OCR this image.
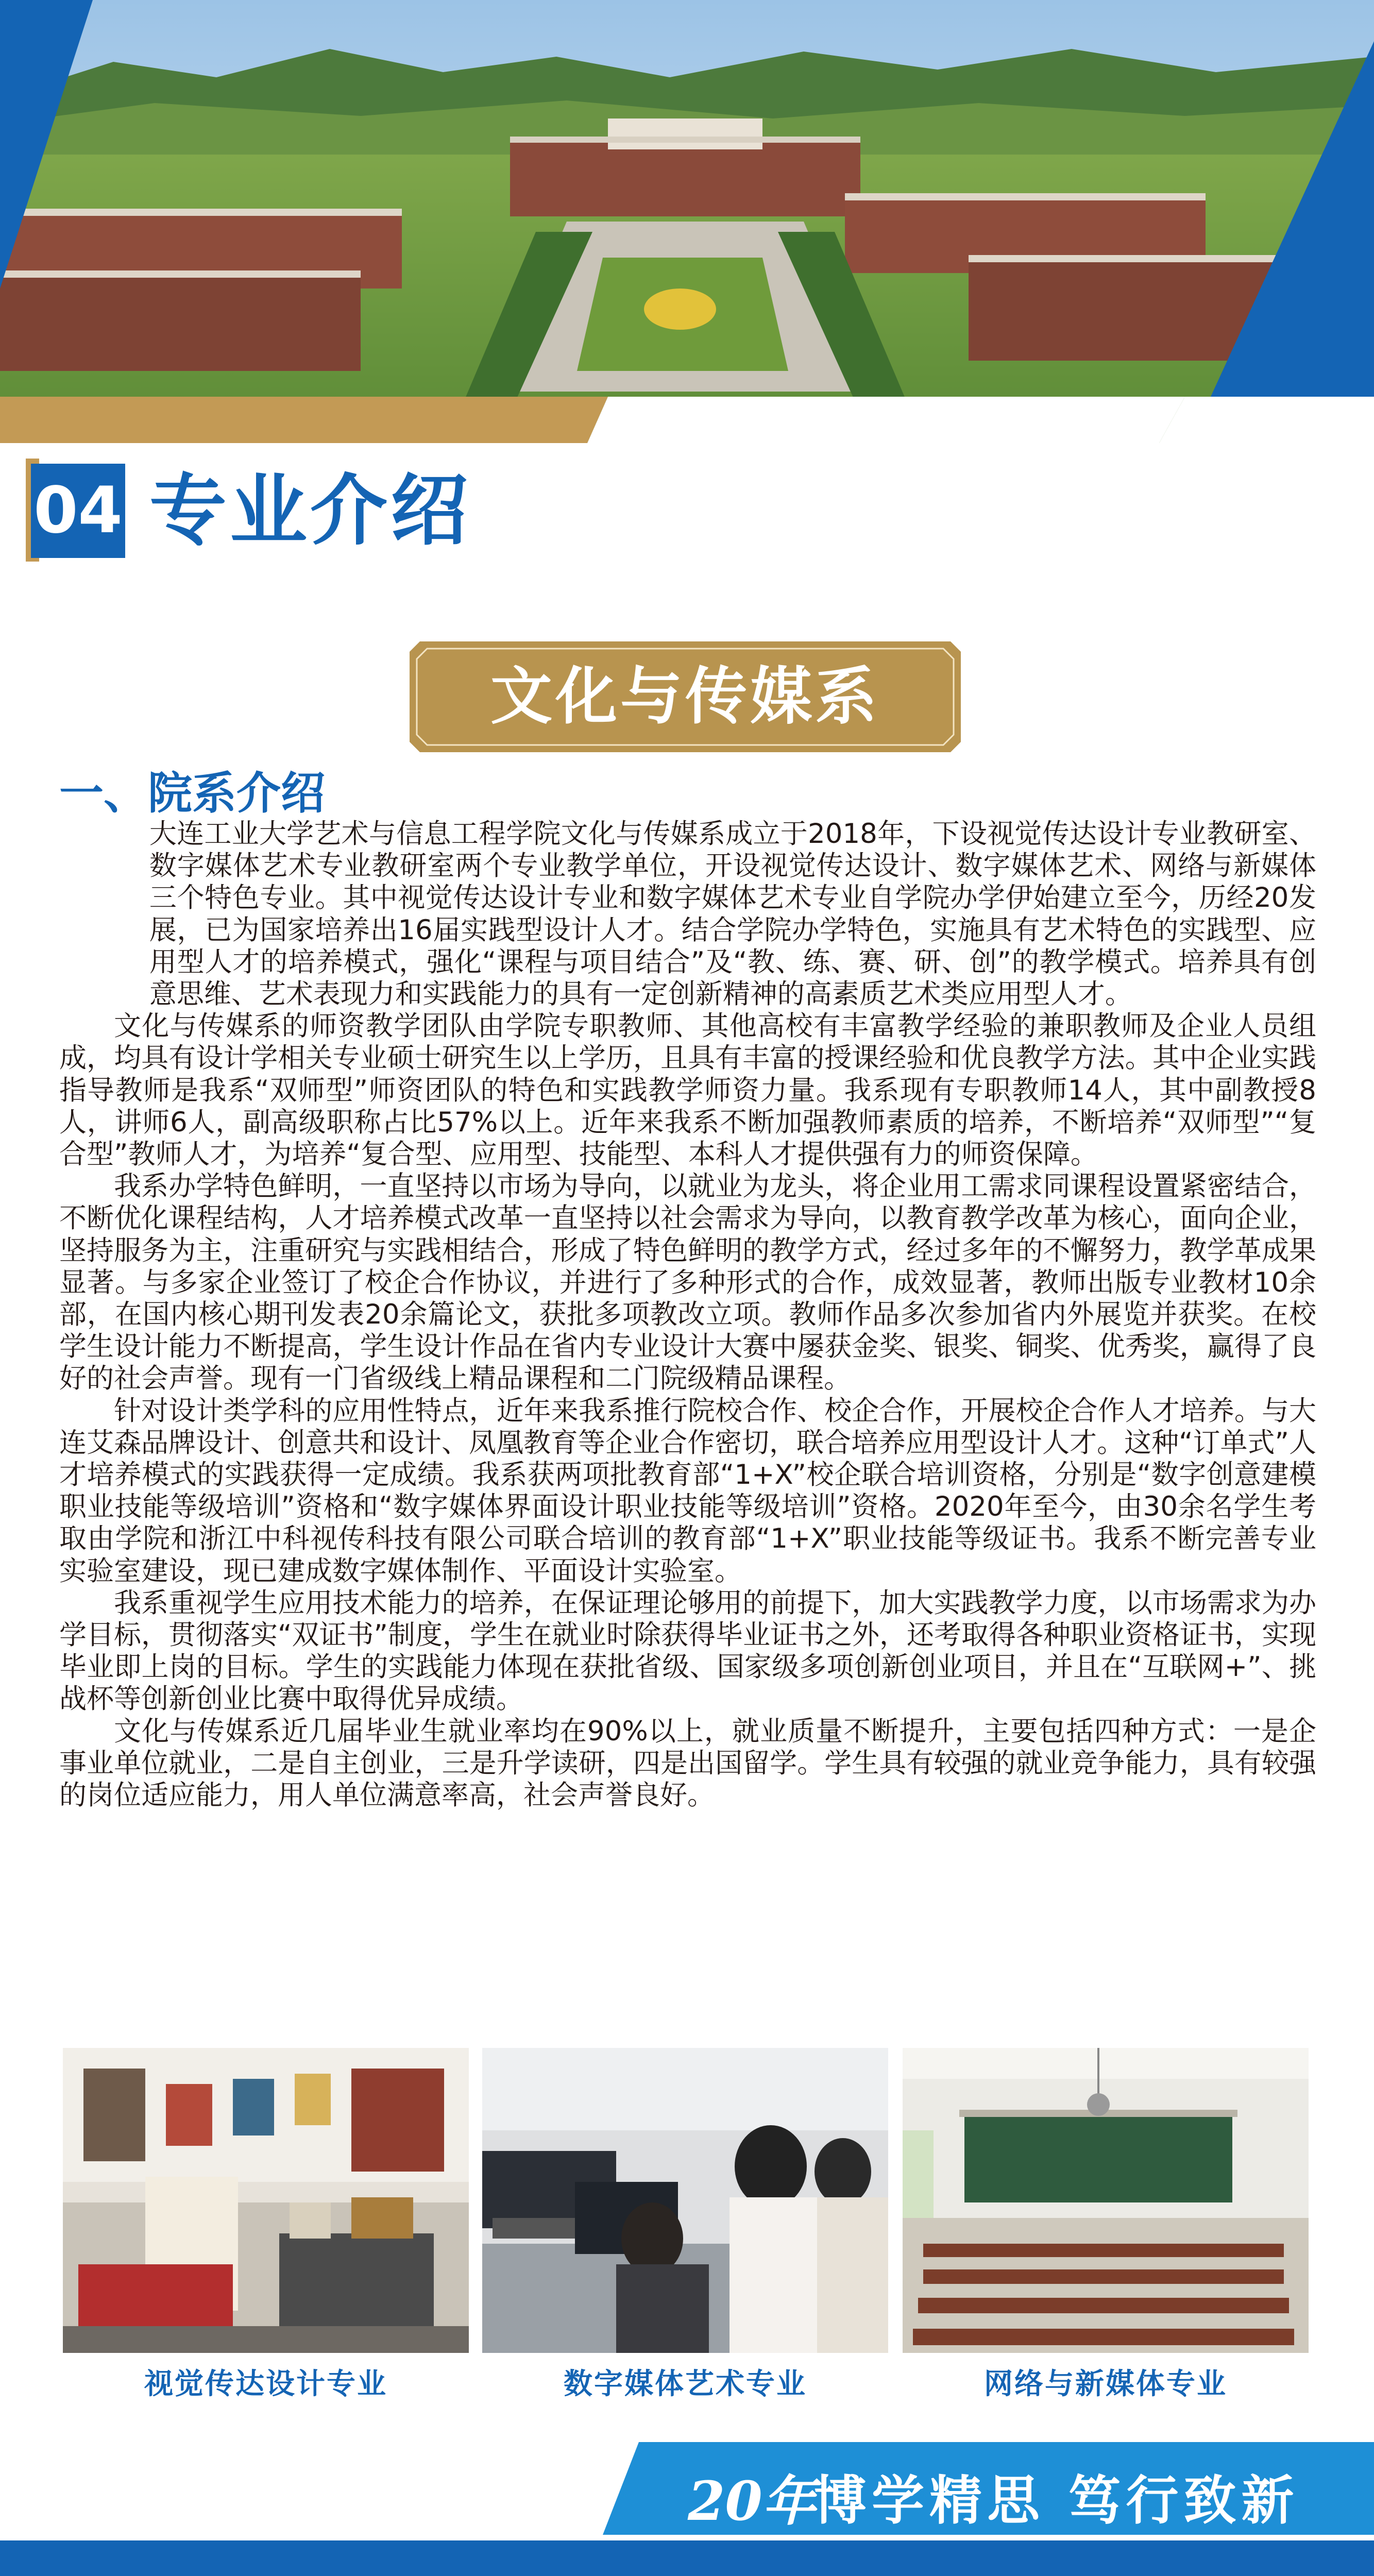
04 专业介绍
文化与传媒系
一、院系介绍

大连工业大学艺术与信息工程学院文化与传媒系成立于2018年，下设视觉传达设计专业教研室、数字媒体艺术专业教研室两个专业教学单位，开设视觉传达设计、数字媒体艺术、网络与新媒体三个特色专业。其中视觉传达设计专业和数字媒体艺术专业自学院办学伊始建立至今，历经20发展，已为国家培养出16届实践型设计人才。结合学院办学特色，实施具有艺术特色的实践型、应用型人才的培养模式，强化“课程与项目结合”及“教、练、赛、研、创”的教学模式。培养具有创意思维、艺术表现力和实践能力的具有一定创新精神的高素质艺术类应用型人才。

文化与传媒系的师资教学团队由学院专职教师、其他高校有丰富教学经验的兼职教师及企业人员组成，均具有设计学相关专业硕士研究生以上学历，且具有丰富的授课经验和优良教学方法。其中企业实践指导教师是我系“双师型”师资团队的特色和实践教学师资力量。我系现有专职教师14人，其中副教授8人，讲师6人，副高级职称占比57%以上。近年来我系不断加强教师素质的培养，不断培养“双师型”“复合型”教师人才，为培养“复合型、应用型、技能型、本科人才提供强有力的师资保障。

我系办学特色鲜明，一直坚持以市场为导向，以就业为龙头，将企业用工需求同课程设置紧密结合，不断优化课程结构，人才培养模式改革一直坚持以社会需求为导向，以教育教学改革为核心，面向企业，坚持服务为主，注重研究与实践相结合，形成了特色鲜明的教学方式，经过多年的不懈努力，教学革成果显著。与多家企业签订了校企合作协议，并进行了多种形式的合作，成效显著，教师出版专业教材10余部，在国内核心期刊发表20余篇论文，获批多项教改立项。教师作品多次参加省内外展览并获奖。在校学生设计能力不断提高，学生设计作品在省内专业设计大赛中屡获金奖、银奖、铜奖、优秀奖，赢得了良好的社会声誉。现有一门省级线上精品课程和二门院级精品课程。

针对设计类学科的应用性特点，近年来我系推行院校合作、校企合作，开展校企合作人才培养。与大连艾森品牌设计、创意共和设计、凤凰教育等企业合作密切，联合培养应用型设计人才。这种“订单式”人才培养模式的实践获得一定成绩。我系获两项批教育部“1+X”校企联合培训资格，分别是“数字创意建模职业技能等级培训”资格和“数字媒体界面设计职业技能等级培训”资格。2020年至今，由30余名学生考取由学院和浙江中科视传科技有限公司联合培训的教育部“1+X”职业技能等级证书。我系不断完善专业实验室建设，现已建成数字媒体制作、平面设计实验室。

我系重视学生应用技术能力的培养，在保证理论够用的前提下，加大实践教学力度，以市场需求为办学目标，贯彻落实“双证书”制度，学生在就业时除获得毕业证书之外，还考取得各种职业资格证书，实现毕业即上岗的目标。学生的实践能力体现在获批省级、国家级多项创新创业项目，并且在“互联网+”、挑战杯等创新创业比赛中取得优异成绩。

文化与传媒系近几届毕业生就业率均在90%以上，就业质量不断提升，主要包括四种方式：一是企事业单位就业，二是自主创业，三是升学读研，四是出国留学。学生具有较强的就业竞争能力，具有较强的岗位适应能力，用人单位满意率高，社会声誉良好。

视觉传达设计专业	数字媒体艺术专业	网络与新媒体专业
20年
博学精思 笃行致新
